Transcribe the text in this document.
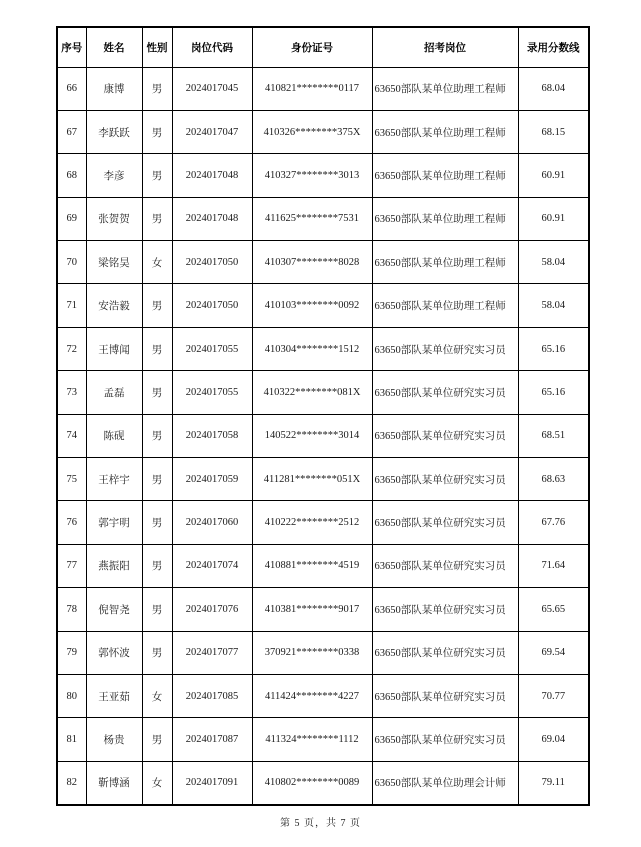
序号	姓名	性别	岗位代码	身份证号	招考岗位	录用分数线
66	康博	男	2024017045	410821********0117	63650部队某单位助理工程师	68.04
67	李跃跃	男	2024017047	410326********375X	63650部队某单位助理工程师	68.15
68	李彦	男	2024017048	410327********3013	63650部队某单位助理工程师	60.91
69	张贺贺	男	2024017048	411625********7531	63650部队某单位助理工程师	60.91
70	梁铭昊	女	2024017050	410307********8028	63650部队某单位助理工程师	58.04
71	安浩毅	男	2024017050	410103********0092	63650部队某单位助理工程师	58.04
72	王博闻	男	2024017055	410304********1512	63650部队某单位研究实习员	65.16
73	孟磊	男	2024017055	410322********081X	63650部队某单位研究实习员	65.16
74	陈砚	男	2024017058	140522********3014	63650部队某单位研究实习员	68.51
75	王梓宇	男	2024017059	411281********051X	63650部队某单位研究实习员	68.63
76	郭宇明	男	2024017060	410222********2512	63650部队某单位研究实习员	67.76
77	燕振阳	男	2024017074	410881********4519	63650部队某单位研究实习员	71.64
78	倪智尧	男	2024017076	410381********9017	63650部队某单位研究实习员	65.65
79	郭怀波	男	2024017077	370921********0338	63650部队某单位研究实习员	69.54
80	王亚茹	女	2024017085	411424********4227	63650部队某单位研究实习员	70.77
81	杨贵	男	2024017087	411324********1112	63650部队某单位研究实习员	69.04
82	靳博涵	女	2024017091	410802********0089	63650部队某单位助理会计师	79.11
第 5 页，共 7 页
